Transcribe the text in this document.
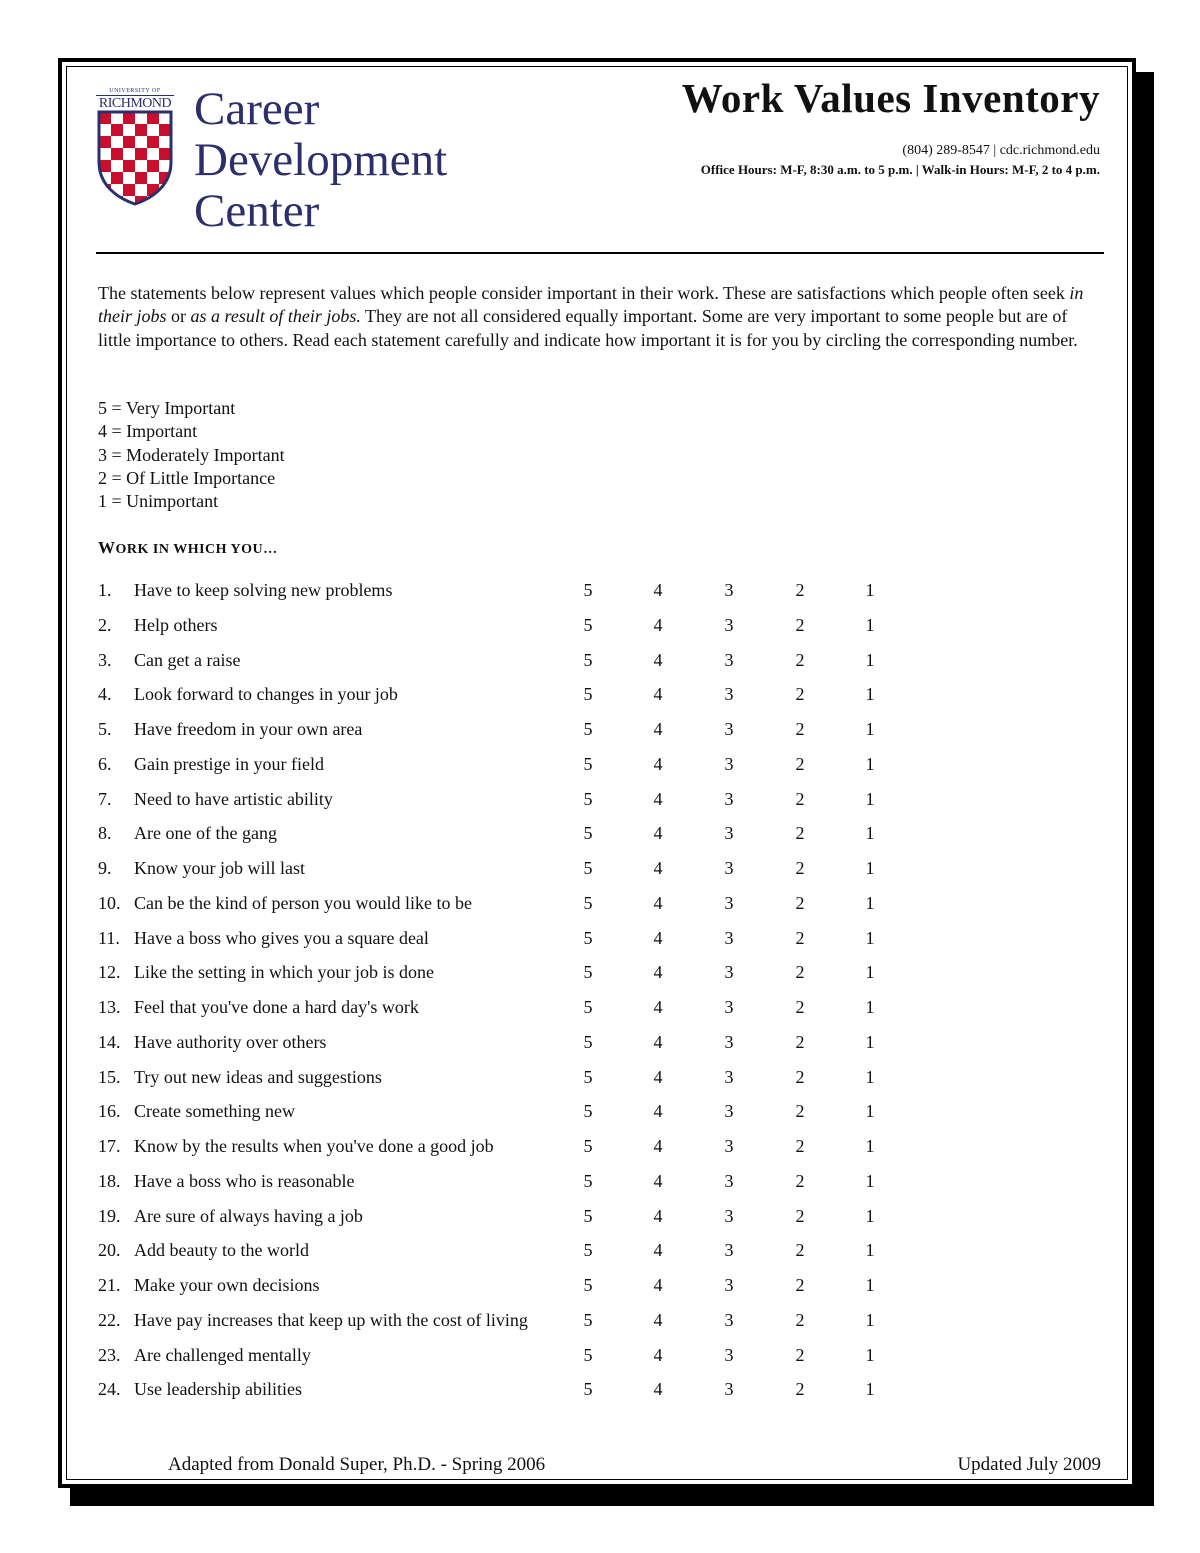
UNIVERSITY OF
RICHMOND Career
Development
Center
Work Values Inventory
(804) 289-8547 | cdc.richmond.edu
Office Hours: M-F, 8:30 a.m. to 5 p.m. | Walk-in Hours: M-F, 2 to 4 p.m.

The statements below represent values which people consider important in their work. These are satisfactions which people often seek in their jobs or as a result of their jobs. They are not all considered equally important. Some are very important to some people but are of little importance to others. Read each statement carefully and indicate how important it is for you by circling the corresponding number.

5 = Very Important
4 = Important
3 = Moderately Important
2 = Of Little Importance
1 = Unimportant
WORK IN WHICH YOU…
1.	Have to keep solving new problems	5	4	3	2	1
2.	Help others	5	4	3	2	1
3.	Can get a raise	5	4	3	2	1
4.	Look forward to changes in your job	5	4	3	2	1
5.	Have freedom in your own area	5	4	3	2	1
6.	Gain prestige in your field	5	4	3	2	1
7.	Need to have artistic ability	5	4	3	2	1
8.	Are one of the gang	5	4	3	2	1
9.	Know your job will last	5	4	3	2	1
10. Can be the kind of person you would like to be	5	4	3	2	1
11. Have a boss who gives you a square deal	5	4	3	2	1
12. Like the setting in which your job is done	5	4	3	2	1
13. Feel that you've done a hard day's work	5	4	3	2	1
14. Have authority over others	5	4	3	2	1
15. Try out new ideas and suggestions	5	4	3	2	1
16. Create something new	5	4	3	2	1
17. Know by the results when you've done a good job	5	4	3	2	1
18. Have a boss who is reasonable	5	4	3	2	1
19. Are sure of always having a job	5	4	3	2	1
20. Add beauty to the world	5	4	3	2	1
21. Make your own decisions	5	4	3	2	1
22. Have pay increases that keep up with the cost of living	5	4	3	2	1
23. Are challenged mentally	5	4	3	2	1
24. Use leadership abilities	5	4	3	2	1
Adapted from Donald Super, Ph.D. - Spring 2006	Updated July 2009
